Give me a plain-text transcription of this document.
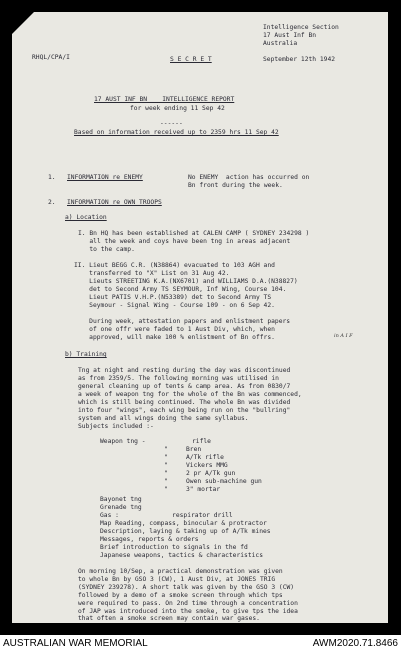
RHQL/CPA/I
Intelligence Section
17 Aust Inf Bn
Australia
S E C R E T	September 12th 1942
17 AUST INF BN    INTELLIGENCE REPORT
for week ending 11 Sep 42
------
Based on information received up to 2359 hrs 11 Sep 42
1. INFORMATION re ENEMY	No ENEMY  action has occurred on
Bn front during the week.
2. INFORMATION re OWN TROOPS
a) Location
I. Bn HQ has been established at CALEN CAMP ( SYDNEY 234298 )
all the week and coys have been tng in areas adjacent
to the camp.
II. Lieut BEGG C.R. (N38864) evacuated to 103 AGH and
transferred to "X" List on 31 Aug 42.
Lieuts STREETING K.A.(NX6701) and WILLIAMS D.A.(N38827)
det to Second Army TS SEYMOUR, Inf Wing, Course 104.
Lieut PATIS V.H.P.(N53389) det to Second Army TS
Seymour - Signal Wing - Course 109 - on 6 Sep 42.
During week, attestation papers and enlistment papers
of one offr were faded to 1 Aust Div, which, when
approved, will make 100 % enlistment of Bn offrs.	in A I F
b) Training
Tng at night and resting during the day was discontinued
as from 2359/5. The following morning was utilised in
general cleaning up of tents & camp area. As from 0830/7
a week of weapon tng for the whole of the Bn was commenced,
which is still being continued. The whole Bn was divided
into four "wings", each wing being run on the "bullring"
system and all wings doing the same syllabus.
Subjects included :-
Weapon tng -	rifle
"	Bren
"	A/Tk rifle
"	Vickers MMG
"	2 pr A/Tk gun
"	Owen sub-machine gun
"	3" mortar
Bayonet tng
Grenade tng
Gas :              respirator drill
Map Reading, compass, binocular & protractor
Description, laying & taking up of A/Tk mines
Messages, reports & orders
Brief introduction to signals in the fd
Japanese weapons, tactics & characteristics
On morning 10/Sep, a practical demonstration was given
to whole Bn by GSO 3 (CW), 1 Aust Div, at JONES TRIG
(SYDNEY 239278). A short talk was given by the GSO 3 (CW)
followed by a demo of a smoke screen through which tps
were required to pass. On 2nd time through a concentration
of JAP was introduced into the smoke, to give tps the idea
that often a smoke screen may contain war gases.
AUSTRALIAN WAR MEMORIAL	AWM2020.71.8466
